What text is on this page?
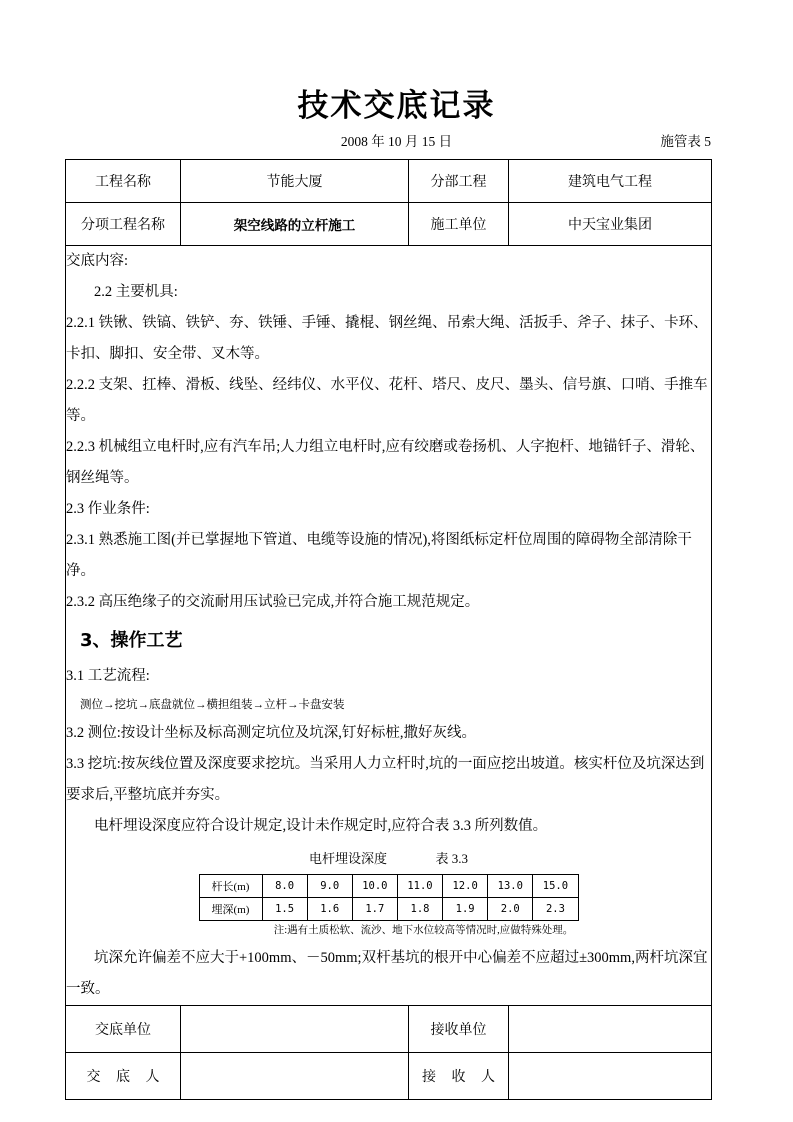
技术交底记录
2008 年 10 月 15 日	施管表 5
工程名称	节能大厦	分部工程	建筑电气工程
分项工程名称	架空线路的立杆施工	施工单位	中天宝业集团

交底内容:

2.2 主要机具:

2.2.1 铁锹、铁镐、铁铲、夯、铁锤、手锤、撬棍、钢丝绳、吊索大绳、活扳手、斧子、抹子、卡环、卡扣、脚扣、安全带、叉木等。

2.2.2 支架、扛棒、滑板、线坠、经纬仪、水平仪、花杆、塔尺、皮尺、墨头、信号旗、口哨、手推车等。

2.2.3 机械组立电杆时,应有汽车吊;人力组立电杆时,应有绞磨或卷扬机、人字抱杆、地锚钎子、滑轮、钢丝绳等。

2.3 作业条件:

2.3.1 熟悉施工图(并已掌握地下管道、电缆等设施的情况),将图纸标定杆位周围的障碍物全部清除干净。

2.3.2 高压绝缘子的交流耐用压试验已完成,并符合施工规范规定。

3、操作工艺

3.1 工艺流程:

测位→挖坑→底盘就位→横担组装→立杆→卡盘安装

3.2 测位:按设计坐标及标高测定坑位及坑深,钉好标桩,撒好灰线。

3.3 挖坑:按灰线位置及深度要求挖坑。当采用人力立杆时,坑的一面应挖出坡道。核实杆位及坑深达到要求后,平整坑底并夯实。

电杆埋设深度应符合设计规定,设计未作规定时,应符合表 3.3 所列数值。

电杆埋设深度	表 3.3
杆长(m)	8.0	9.0	10.0	11.0	12.0	13.0	15.0
埋深(m)	1.5	1.6	1.7	1.8	1.9	2.0	2.3
注:遇有土质松软、流沙、地下水位较高等情况时,应做特殊处理。

坑深允许偏差不应大于+100mm、－50mm;双杆基坑的根开中心偏差不应超过±300mm,两杆坑深宜一致。

交底单位		接收单位	
交 底 人		接 收 人	
